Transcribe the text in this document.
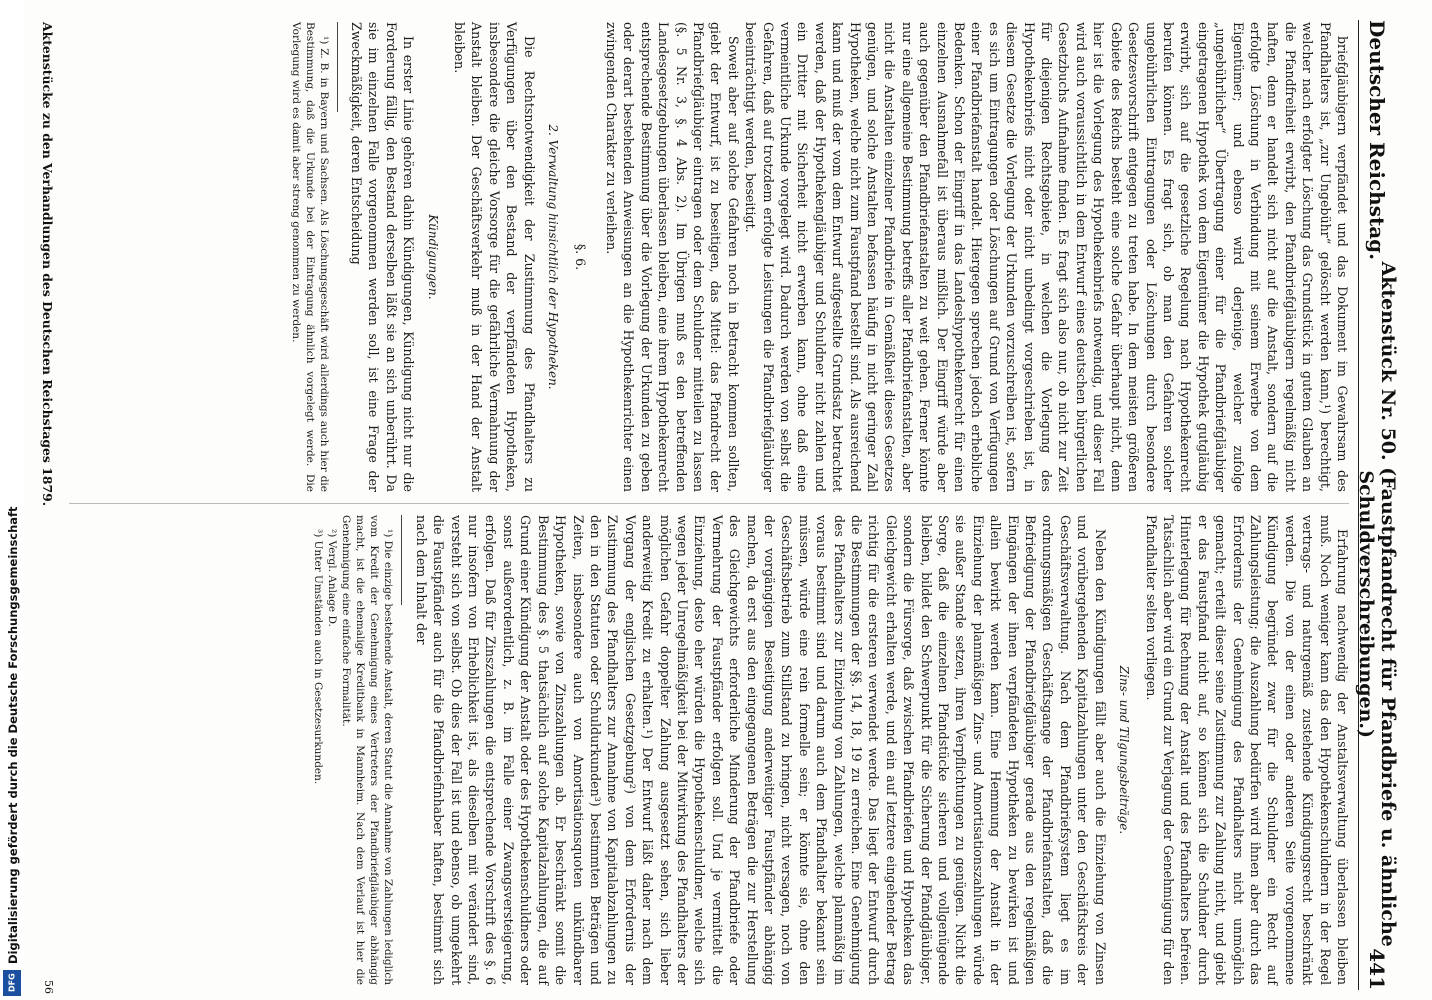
Deutscher Reichstag.
Aktenstück Nr. 50. (Faustpfandrecht für Pfandbriefe u. ähnliche Schuldverschreibungen.)
441

briefgläubigern verpfändet und das Dokument im Gewahrsam des Pfandhalters ist, „zur Ungebühr“ gelöscht werden kann,¹) berechtigt, welcher nach erfolgter Löschung das Grundstück in gutem Glauben an die Pfandfreiheit erwirbt, den Pfandbriefgläubigern regelmäßig nicht haften, denn er handelt sich nicht auf die Anstalt, sondern auf die erfolgte Löschung in Verbindung mit seinem Erwerbe von dem Eigentümer; und ebenso wird derjenige, welcher zufolge „ungebührlicher“ Übertragung einer für die Pfandbriefgläubiger eingetragenen Hypothek von dem Eigentümer die Hypothek gutgläubig erwirbt, sich auf die gesetzliche Regelung nach Hypothekenrecht berufen können. Es fragt sich, ob man den Gefahren solcher ungebührlichen Eintragungen oder Löschungen durch besondere Gesetzesvorschrift entgegen zu treten habe. In dem meisten größeren Gebiete des Reichs besteht eine solche Gefahr überhaupt nicht, denn hier ist die Vorlegung des Hypothekenbriefs notwendig, und dieser Fall wird auch voraussichtlich in dem Entwurf eines deutschen bürgerlichen Gesetzbuchs Aufnahme finden. Es fragt sich also nur, ob nicht zur Zeit für diejenigen Rechtsgebiete, in welchen die Vorlegung des Hypothekenbriefs nicht oder nicht unbedingt vorgeschrieben ist, in diesem Gesetze die Vorlegung der Urkunden vorzuschreiben ist, sofern es sich um Eintragungen oder Löschungen auf Grund von Verfügungen einer Pfandbriefanstalt handelt. Hiergegen sprechen jedoch erhebliche Bedenken. Schon der Eingriff in das Landeshypothekenrecht für einen einzelnen Ausnahmefall ist überaus mißlich. Der Eingriff würde aber auch gegenüber den Pfandbriefanstalten zu weit gehen. Ferner könnte nur eine allgemeine Bestimmung betreffs aller Pfandbriefanstalten, aber nicht die Anstalten einzelner Pfandbriefe in Gemäßheit dieses Gesetzes genügen, und solche Anstalten befassen häufig in nicht geringer Zahl Hypotheken, welche nicht zum Faustpfand bestellt sind. Als ausreichend kann und muß der vom dem Entwurf aufgestellte Grundsatz betrachtet werden, daß der Hypothekengläubiger und Schuldner nicht zahlen und ein Dritter mit Sicherheit nicht erwerben kann, ohne daß eine vermeintliche Urkunde vorgelegt wird. Dadurch werden von selbst die Gefahren, daß auf trotzdem erfolgte Leistungen die Pfandbriefgläubiger beeinträchtigt werden, beseitigt.

Soweit aber auf solche Gefahren noch in Betracht kommen sollten, giebt der Entwurf, ist zu beseitigen, das Mittel: das Pfandrecht der Pfandbriefgläubiger eintragen oder dem Schuldner mitteilen zu lassen (§. 5 Nr. 3, §. 4 Abs. 2). Im Übrigen muß es den betreffenden Landesgesetzgebungen überlassen bleiben, eine ihrem Hypothekenrecht entsprechende Bestimmung über die Vorlegung der Urkunden zu geben oder derart bestehenden Anweisungen an die Hypothekenrichter einen zwingenden Charakter zu verleihen.

§. 6.

2. Verwaltung hinsichtlich der Hypotheken.

Die Rechtsnotwendigkeit der Zustimmung des Pfandhalters zu Verfügungen über den Bestand der verpfändeten Hypotheken, insbesondere die gleiche Vorsorge für die gefährliche Vermahnung der Anstalt bleiben. Der Geschäftsverkehr muß in der Hand der Anstalt bleiben.

Kündigungen.

In erster Linie gehören dahin Kündigungen, Kündigung nicht nur die Forderung fällig, den Bestand derselben läßt sie an sich unberührt. Da sie im einzelnen Falle vorgenommen werden soll, ist eine Frage der Zweckmäßigkeit, deren Entscheidung

¹) Z. B. in Bayern und Sachsen. Als Löschungsgeschäft wird allerdings auch hier die Bestimmung, daß die Urkunde bei der Eintragung ähnlich vorgelegt werde. Die Vorlegung wird es damit aber streng genommen zu werden.

Erfahrung nachwendig der Anstaltsverwaltung überlassen bleiben muß. Noch weniger kann das den Hypothekenschuldnern in der Regel vertrags- und naturgemäß zustehende Kündigungsrecht beschränkt werden. Die von der einen oder anderen Seite vorgenommene Kündigung begründet zwar für die Schuldner ein Recht auf Zahlungsleistung; die Auszahlung bedürfen wird ihnen aber durch das Erfordernis der Genehmigung des Pfandhalters nicht unmöglich gemacht; erteilt dieser seine Zustimmung zur Zahlung nicht, und giebt er das Faustpfand nicht auf, so können sich die Schuldner durch Hinterlegung für Rechnung der Anstalt und des Pfandhalters befreien. Tatsächlich aber wird ein Grund zur Verjagung der Genehmigung für den Pfandhalter selten vorliegen.

Zins- und Tilgungsbeiträge.

Neben den Kündigungen fällt aber auch die Einziehung von Zinsen und vorübergehenden Kapitalzahlungen unter den Geschäftskreis der Geschäftsverwaltung. Nach dem Pfandbriefsystem liegt es im ordnungsmäßigen Geschäftsgange der Pfandbriefanstalten, daß die Befriedigung der Pfandbriefgläubiger gerade aus den regelmäßigen Eingängen der ihnen verpfändeten Hypotheken zu bewirken ist und allein bewirkt werden kann. Eine Hemmung der Anstalt in der Einziehung der planmäßigen Zins- und Amortisationszahlungen würde sie außer Stande setzen, ihren Verpflichtungen zu genügen. Nicht die Sorge, daß die einzelnen Pfandstücke sicheren und vollgenügende bleiben, bildet den Schwerpunkt für die Sicherung der Pfandgläubiger, sondern die Fürsorge, daß zwischen Pfandbriefen und Hypotheken das Gleichgewicht erhalten werde, und ein auf letztere eingehender Betrag richtig für die ersteren verwendet werde. Das liegt der Entwurf durch die Bestimmungen der §§. 14, 18, 19 zu erreichen. Eine Genehmigung des Pfandhalters zur Einziehung von Zahlungen, welche planmäßig im voraus bestimmt sind und darum auch dem Pfandhalter bekannt sein müssen, würde eine rein formelle sein; er könnte sie, ohne den Geschäftsbetrieb zum Stillstand zu bringen, nicht versagen, noch von der vorgängigen Beseitigung anderweitiger Faustpfänder abhängig machen, da erst aus den eingegangenen Beträgen die zur Herstellung des Gleichgewichts erforderliche Minderung der Pfandbriefe oder Vermehrung der Faustpfänder erfolgen soll. Und je vermittelt die Einziehung, desto eher würden die Hypothekenschuldner, welche sich wegen jeder Unregelmäßigkeit bei der Mitwirkung des Pfandhalters der möglichen Gefahr doppelter Zahlung ausgesetzt sehen, sich lieber anderweitig Kredit zu erhalten.¹) Der Entwurf läßt daher nach dem Vorgang der englischen Gesetzgebung²) von dem Erfordernis der Zustimmung des Pfandhalters zur Annahme von Kapitalabzahlungen zu den in den Statuten oder Schuldurkunden³) bestimmten Beträgen und Zeiten, insbesondere auch von Amortisationsquoten unkündbarer Hypotheken, sowie von Zinszahlungen ab. Er beschränkt somit die Bestimmung des §. 5 thatsächlich auf solche Kapitalzahlungen, die auf Grund einer Kündigung der Anstalt oder des Hypothekenschuldners oder sonst außerordentlich, z. B. im Falle einer Zwangsversteigerung, erfolgen. Daß für Zinszahlungen die entsprechende Vorschrift des §. 6 nur insofern von Erheblichkeit ist, als dieselben mit verändert sind, versteht sich von selbst. Ob dies der Fall ist und ebenso, ob umgekehrt die Faustpfänder auch für die Pfandbriefinhaber haften, bestimmt sich nach dem Inhalt der

¹) Die einzige bestehende Anstalt, deren Statut die Annahme von Zahlungen lediglich vom Kredit der Genehmigung eines Vertreters der Pfandbriefgläubiger abhängig macht, ist die ehemalige Kreditbank in Mannheim. Nach dem Verlauf ist hier die Genehmigung eine einfache Formalität.

²) Vergl. Anlage D.

³) Unter Umständen auch in Gesetzesurkunden.

Aktenstücke zu den Verhandlungen des Deutschen Reichstages 1879.
56
Digitalisierung gefördert durch die Deutsche Forschungsgemeinschaft
DFG
